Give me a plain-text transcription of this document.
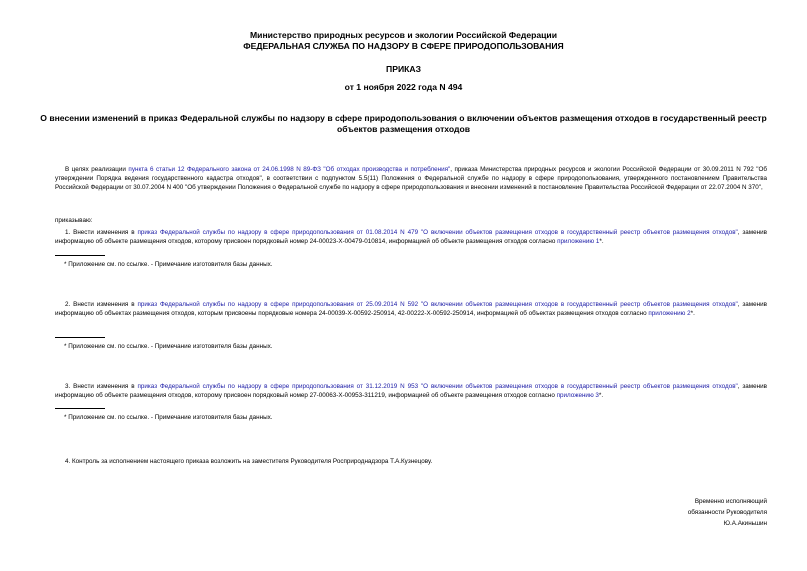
Министерство природных ресурсов и экологии Российской Федерации
ФЕДЕРАЛЬНАЯ СЛУЖБА ПО НАДЗОРУ В СФЕРЕ ПРИРОДОПОЛЬЗОВАНИЯ
ПРИКАЗ
от 1 ноября 2022 года N 494
О внесении изменений в приказ Федеральной службы по надзору в сфере природопользования о включении объектов размещения отходов в государственный реестр объектов размещения отходов
В целях реализации пункта 6 статьи 12 Федерального закона от 24.06.1998 N 89-ФЗ "Об отходах производства и потребления", приказа Министерства природных ресурсов и экологии Российской Федерации от 30.09.2011 N 792 "Об утверждении Порядка ведения государственного кадастра отходов", в соответствии с подпунктом 5.5(11) Положения о Федеральной службе по надзору в сфере природопользования, утвержденного постановлением Правительства Российской Федерации от 30.07.2004 N 400 "Об утверждении Положения о Федеральной службе по надзору в сфере природопользования и внесении изменений в постановление Правительства Российской Федерации от 22.07.2004 N 370",
приказываю:
1. Внести изменения в приказ Федеральной службы по надзору в сфере природопользования от 01.08.2014 N 479 "О включении объектов размещения отходов в государственный реестр объектов размещения отходов", заменив информацию об объекте размещения отходов, которому присвоен порядковый номер 24-00023-Х-00479-010814, информацией об объекте размещения отходов согласно приложению 1*.
* Приложение см. по ссылке. - Примечание изготовителя базы данных.
2. Внести изменения в приказ Федеральной службы по надзору в сфере природопользования от 25.09.2014 N 592 "О включении объектов размещения отходов в государственный реестр объектов размещения отходов", заменив информацию об объектах размещения отходов, которым присвоены порядковые номера 24-00039-Х-00592-250914, 42-00222-Х-00592-250914, информацией об объектах размещения отходов согласно приложению 2*.
* Приложение см. по ссылке. - Примечание изготовителя базы данных.
3. Внести изменения в приказ Федеральной службы по надзору в сфере природопользования от 31.12.2019 N 953 "О включении объектов размещения отходов в государственный реестр объектов размещения отходов", заменив информацию об объекте размещения отходов, которому присвоен порядковый номер 27-00063-Х-00953-311219, информацией об объекте размещения отходов согласно приложению 3*.
* Приложение см. по ссылке. - Примечание изготовителя базы данных.
4. Контроль за исполнением настоящего приказа возложить на заместителя Руководителя Росприроднадзора Т.А.Кузнецову.
Временно исполняющий
обязанности Руководителя
Ю.А.Акиньшин
